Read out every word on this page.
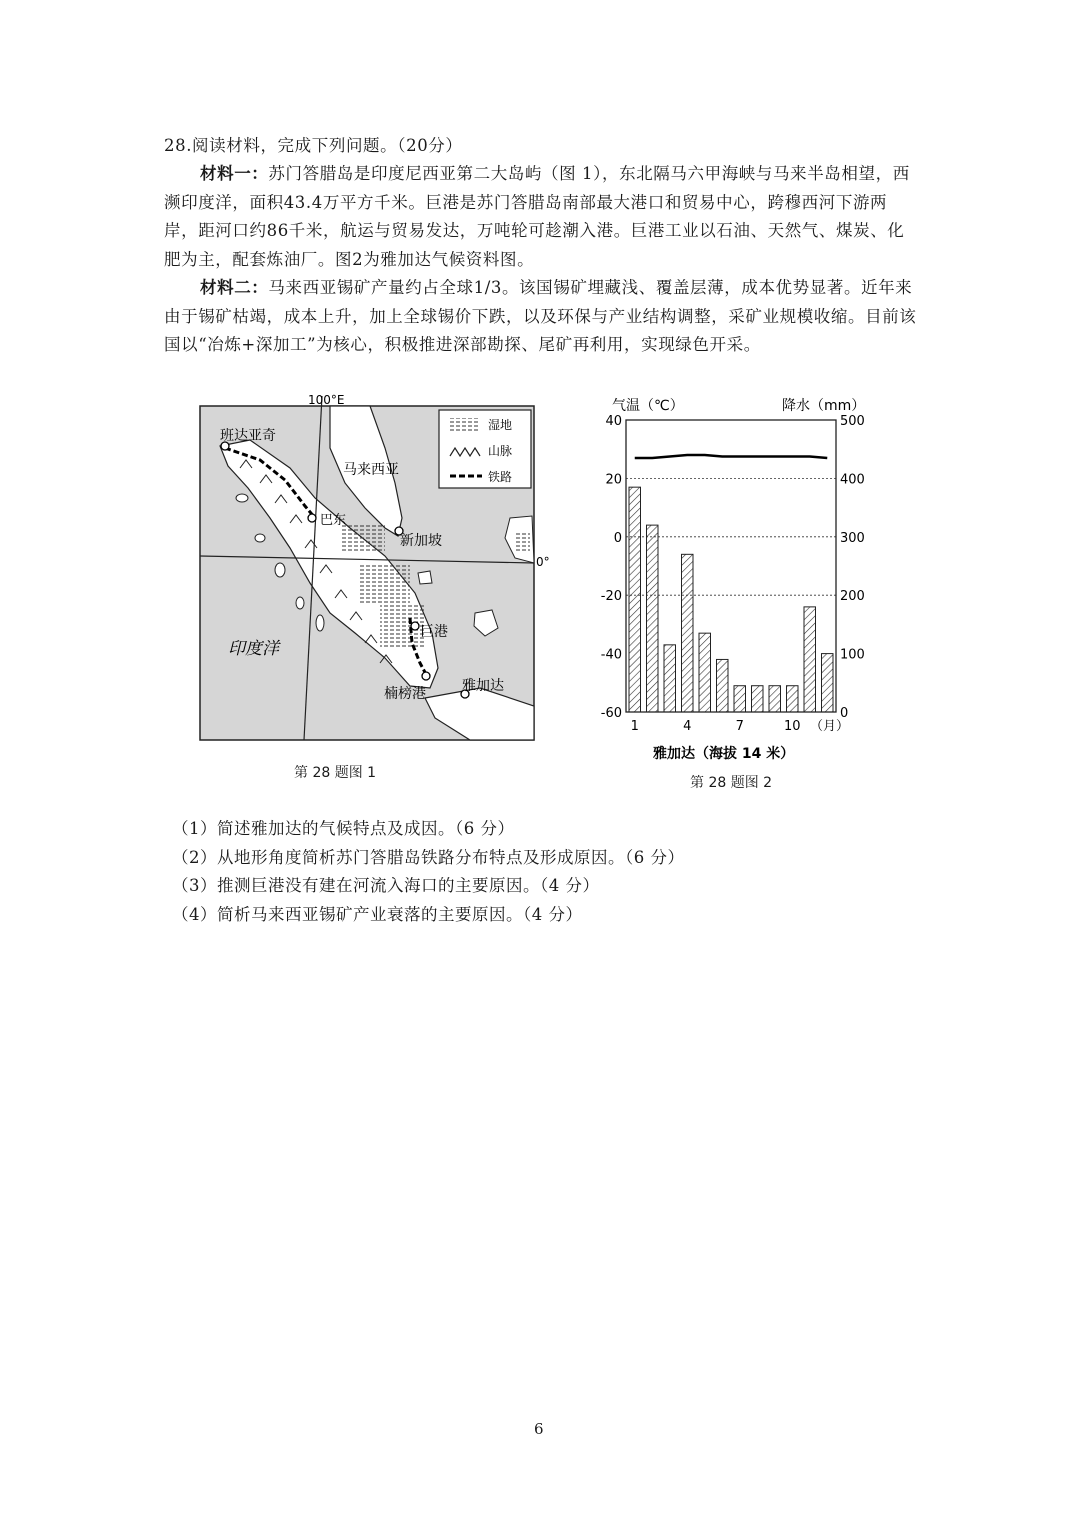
28.阅读材料，完成下列问题。（20分）
材料一：苏门答腊岛是印度尼西亚第二大岛屿（图 1），东北隔马六甲海峡与马来半岛相望，西濒印度洋，面积43.4万平方千米。巨港是苏门答腊岛南部最大港口和贸易中心，跨穆西河下游两岸，距河口约86千米，航运与贸易发达，万吨轮可趁潮入港。巨港工业以石油、天然气、煤炭、化肥为主，配套炼油厂。图2为雅加达气候资料图。
材料二：马来西亚锡矿产量约占全球1/3。该国锡矿埋藏浅、覆盖层薄，成本优势显著。近年来由于锡矿枯竭，成本上升，加上全球锡价下跌，以及环保与产业结构调整，采矿业规模收缩。目前该国以“冶炼+深加工”为核心，积极推进深部勘探、尾矿再利用，实现绿色开采。
湿地
山脉
铁路
100°E
0°
班达亚奇
马来西亚
巴东
新加坡
巨港
楠榜港	雅加达
印度洋
第 28 题图 1
气温（℃）	降水（mm）
40
20
0
-20
-40
-60
500
400
300
200
100
0
1	4	7	10 （月）
雅加达（海拔 14 米）
第 28 题图 2
（1）简述雅加达的气候特点及成因。（6 分）
（2）从地形角度简析苏门答腊岛铁路分布特点及形成原因。（6 分）
（3）推测巨港没有建在河流入海口的主要原因。（4 分）
（4）简析马来西亚锡矿产业衰落的主要原因。（4 分）
6
